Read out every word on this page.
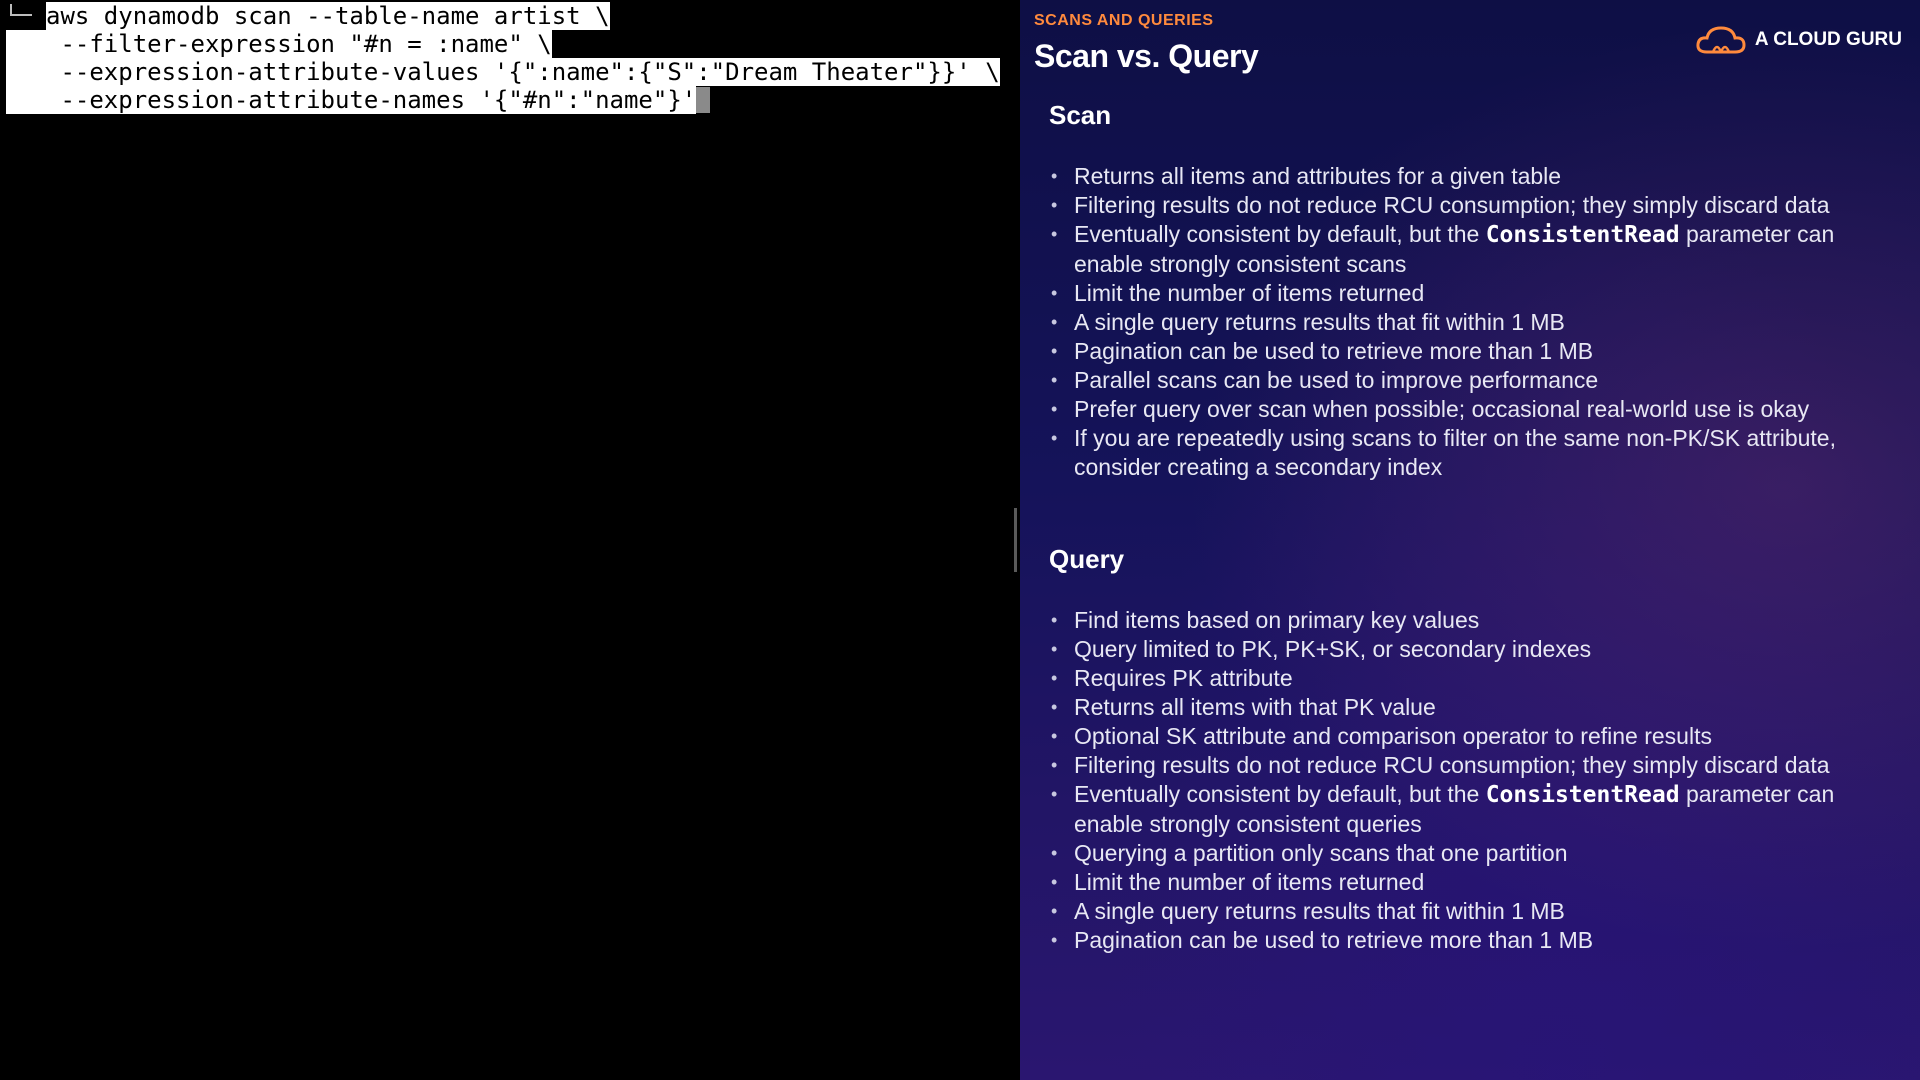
aws dynamodb scan --table-name artist \
--filter-expression "#n = :name" \
--expression-attribute-values '{":name":{"S":"Dream Theater"}}' \
--expression-attribute-names '{"#n":"name"}'
SCANS AND QUERIES
Scan vs. Query	A CLOUD GURU
Scan
• Returns all items and attributes for a given table
• Filtering results do not reduce RCU consumption; they simply discard data
• Eventually consistent by default, but the ConsistentRead parameter can enable strongly consistent scans
• Limit the number of items returned
• A single query returns results that fit within 1 MB
• Pagination can be used to retrieve more than 1 MB
• Parallel scans can be used to improve performance
• Prefer query over scan when possible; occasional real-world use is okay
• If you are repeatedly using scans to filter on the same non-PK/SK attribute, consider creating a secondary index
Query
• Find items based on primary key values
• Query limited to PK, PK+SK, or secondary indexes
• Requires PK attribute
• Returns all items with that PK value
• Optional SK attribute and comparison operator to refine results
• Filtering results do not reduce RCU consumption; they simply discard data
• Eventually consistent by default, but the ConsistentRead parameter can enable strongly consistent queries
• Querying a partition only scans that one partition
• Limit the number of items returned
• A single query returns results that fit within 1 MB
• Pagination can be used to retrieve more than 1 MB
